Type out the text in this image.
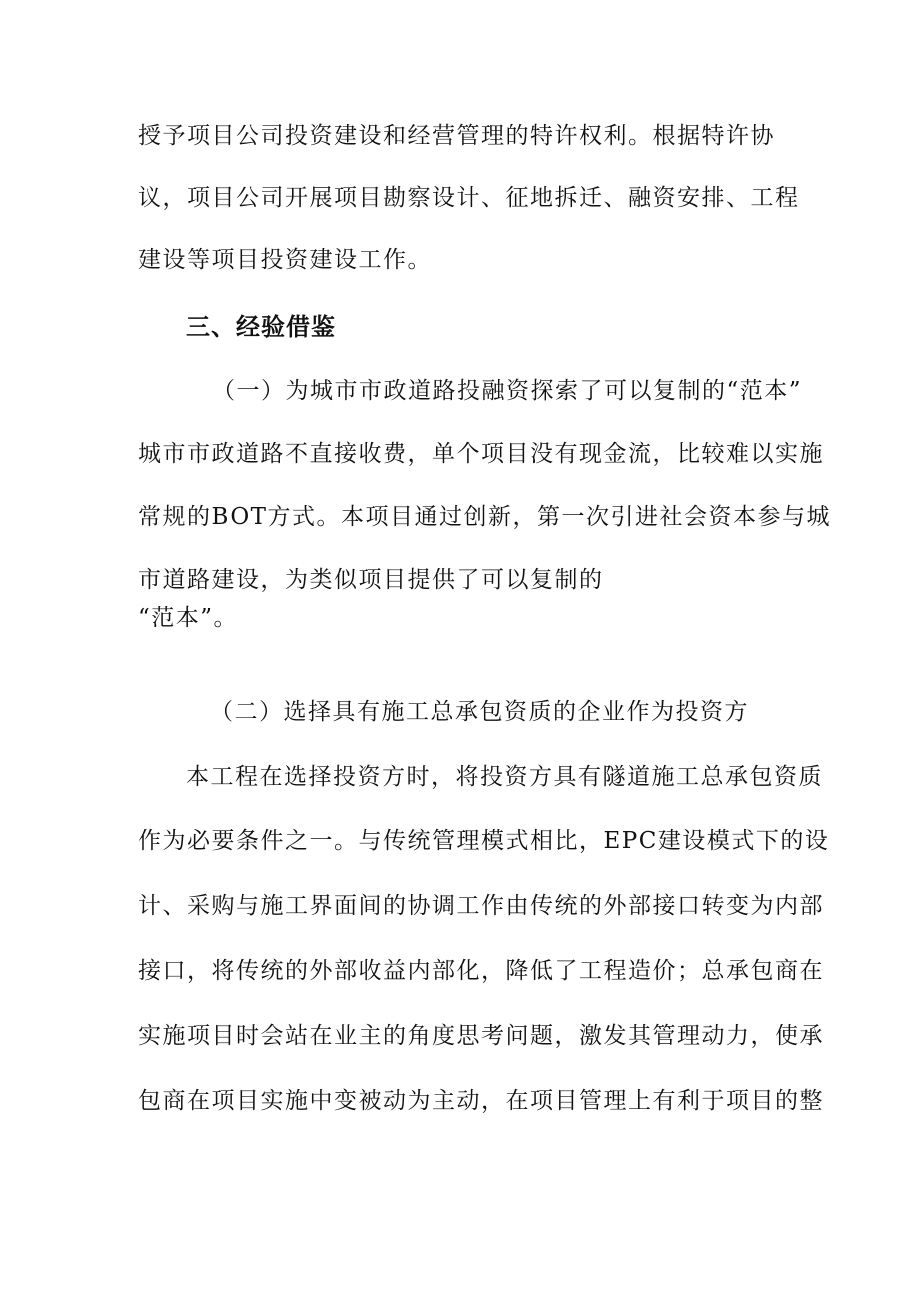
授予项目公司投资建设和经营管理的特许权利。根据特许协
议，项目公司开展项目勘察设计、征地拆迁、融资安排、工程
建设等项目投资建设工作。
三、经验借鉴
（一）为城市市政道路投融资探索了可以复制的“范本”
城市市政道路不直接收费，单个项目没有现金流，比较难以实施
常规的BOT方式。本项目通过创新，第一次引进社会资本参与城
市道路建设，为类似项目提供了可以复制的
“范本”。
（二）选择具有施工总承包资质的企业作为投资方
本工程在选择投资方时，将投资方具有隧道施工总承包资质
作为必要条件之一。与传统管理模式相比，EPC建设模式下的设
计、采购与施工界面间的协调工作由传统的外部接口转变为内部
接口，将传统的外部收益内部化，降低了工程造价；总承包商在
实施项目时会站在业主的角度思考问题，激发其管理动力，使承
包商在项目实施中变被动为主动，在项目管理上有利于项目的整
